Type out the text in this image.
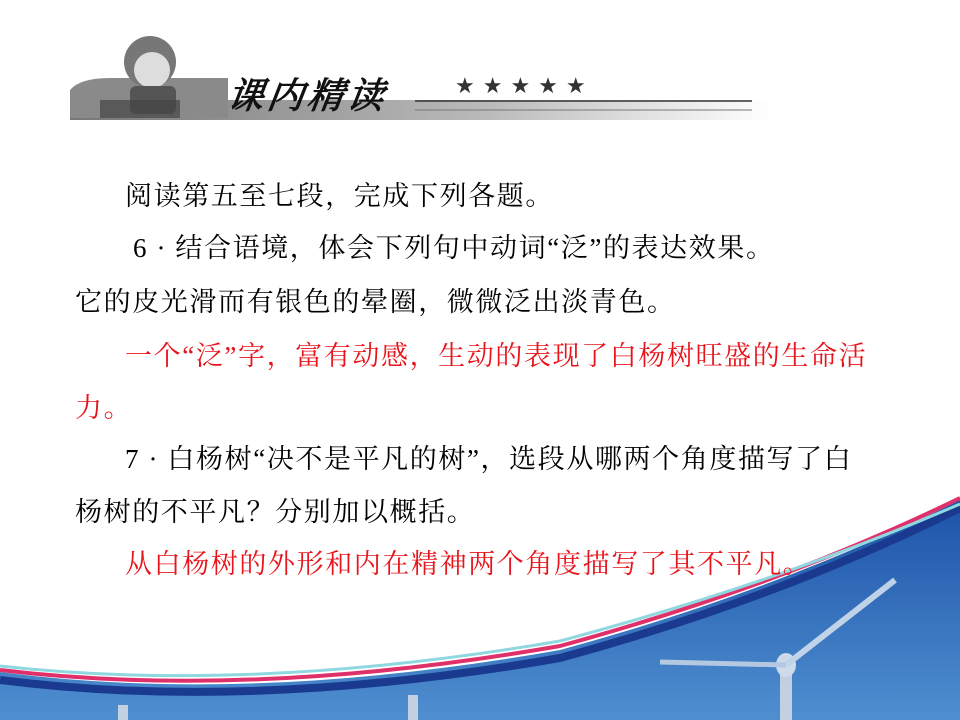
课内精读	★★★★★
阅读第五至七段，完成下列各题。
6 · 结合语境，体会下列句中动词“泛”的表达效果。
它的皮光滑而有银色的晕圈，微微泛出淡青色。
一个“泛”字，富有动感，生动的表现了白杨树旺盛的生命活
力。
7 · 白杨树“决不是平凡的树”，选段从哪两个角度描写了白
杨树的不平凡？分别加以概括。
从白杨树的外形和内在精神两个角度描写了其不平凡。
